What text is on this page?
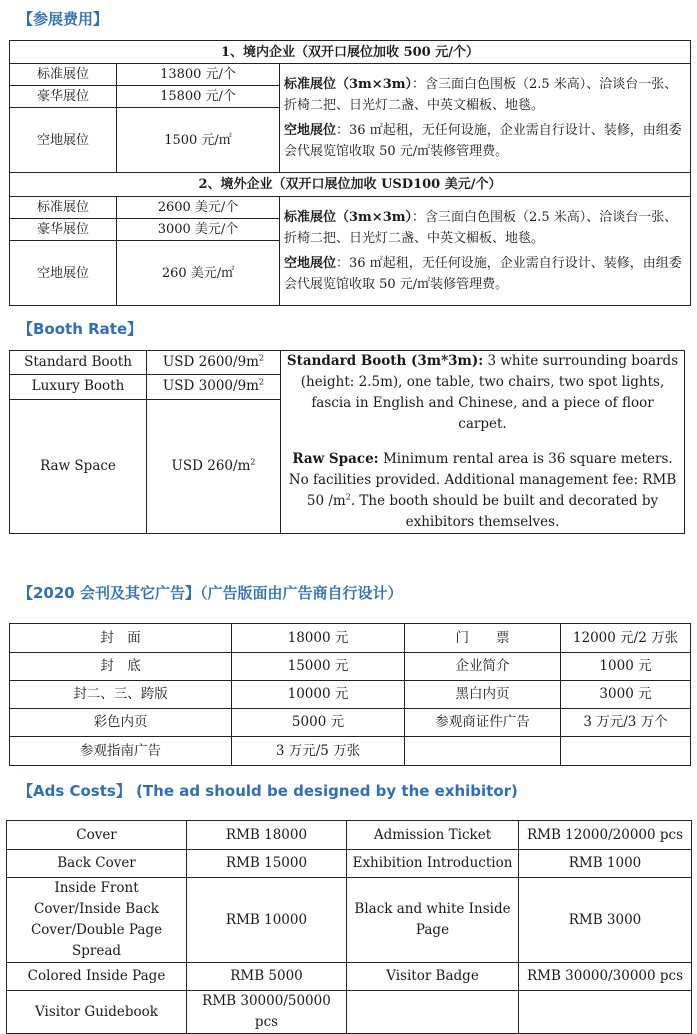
【参展费用】
1、境内企业（双开口展位加收 500 元/个）		
标准展位	13800 元/个	标准展位（3m×3m）：含三面白色围板（2.5 米高）、洽谈台一张、折椅二把、日光灯二盏、中英文楣板、地毯。
空地展位：36 ㎡起租，无任何设施，企业需自行设计、装修，由组委会代展览馆收取 50 元/㎡装修管理费。

豪华展位	15800 元/个	
空地展位	1500 元/㎡	
2、境外企业（双开口展位加收 USD100 美元/个）		
标准展位	2600 美元/个	标准展位（3m×3m）：含三面白色围板（2.5 米高）、洽谈台一张、折椅二把、日光灯二盏、中英文楣板、地毯。
空地展位：36 ㎡起租，无任何设施，企业需自行设计、装修，由组委会代展览馆收取 50 元/㎡装修管理费。

豪华展位	3000 美元/个	
空地展位	260 美元/㎡	
【Booth Rate】
Standard Booth	USD $2600/9m^2$	Standard Booth (3m*3m): 3 white surrounding boards (height: 2.5m), one table, two chairs, two spot lights, fascia in English and Chinese, and a piece of floor carpet.
Raw Space: Minimum rental area is 36 square meters. No facilities provided. Additional management fee: RMB 50 $/m^2$. The booth should be built and decorated by exhibitors themselves.

Luxury Booth	USD $3000/9m^2$
Raw Space	USD $260/m^2$
【2020 会刊及其它广告】（广告版面由广告商自行设计）
封　面	18000 元	门　　票	12000 元/2 万张
封　底	15000 元	企业简介	1000 元
封二、三、跨版	10000 元	黑白内页	3000 元
彩色内页	5000 元	参观商证件广告	3 万元/3 万个
参观指南广告	3 万元/5 万张		
【Ads Costs】 (The ad should be designed by the exhibitor)
Cover	RMB 18000	Admission Ticket	RMB 12000/20000 pcs
Back Cover	RMB 15000	Exhibition Introduction	RMB 1000
Inside Front Cover/Inside Back Cover/Double Page Spread	RMB 10000	Black and white Inside Page	RMB 3000
Colored Inside Page	RMB 5000	Visitor Badge	RMB 30000/30000 pcs
Visitor Guidebook	RMB 30000/50000 pcs		
